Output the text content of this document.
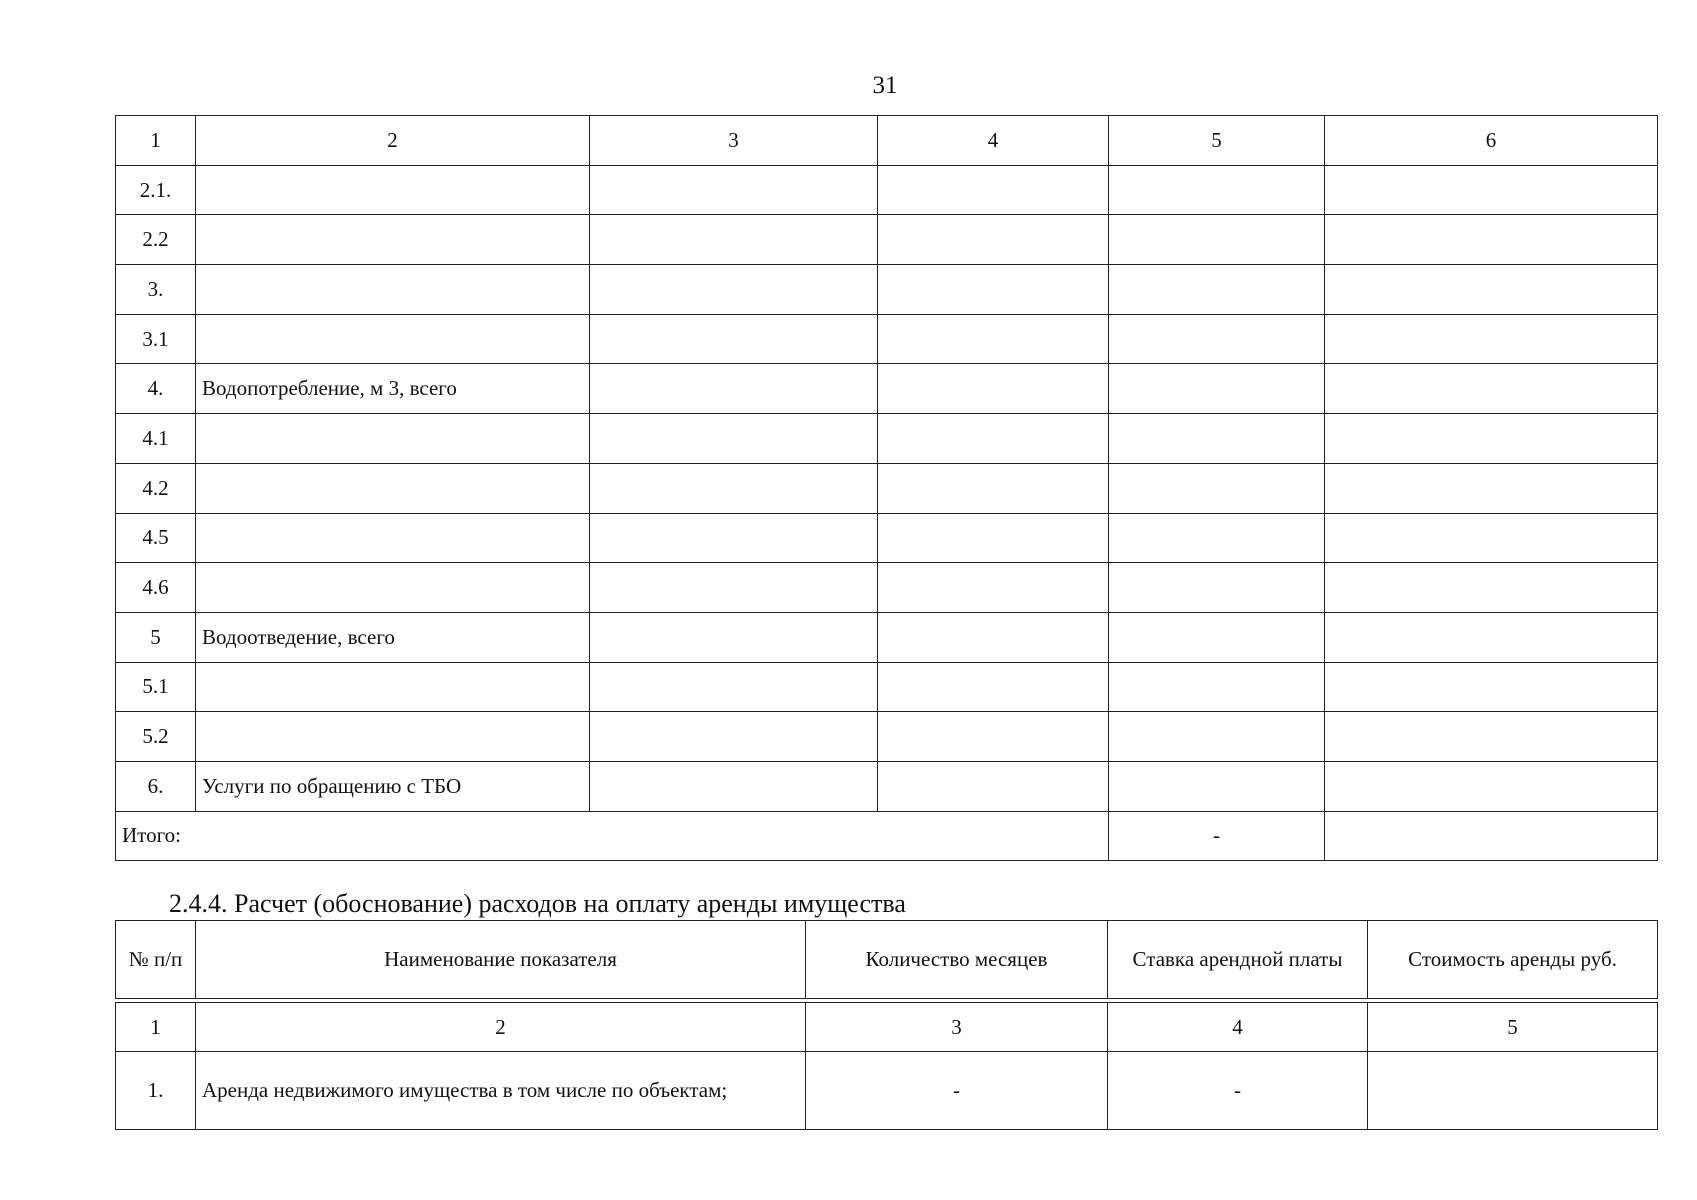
31
1	2	3	4	5	6
2.1.					
2.2					
3.					
3.1					
4.	Водопотребление, м 3, всего				
4.1					
4.2					
4.5					
4.6					
5	Водоотведение, всего				
5.1					
5.2					
6.	Услуги по обращению с ТБО				
Итого:				-	
2.4.4. Расчет (обоснование) расходов на оплату аренды имущества
№ п/п	Наименование показателя	Количество месяцев	Ставка арендной платы	Стоимость аренды руб.
1	2	3	4	5
1.	Аренда недвижимого имущества в том числе по объектам;	-	-	
